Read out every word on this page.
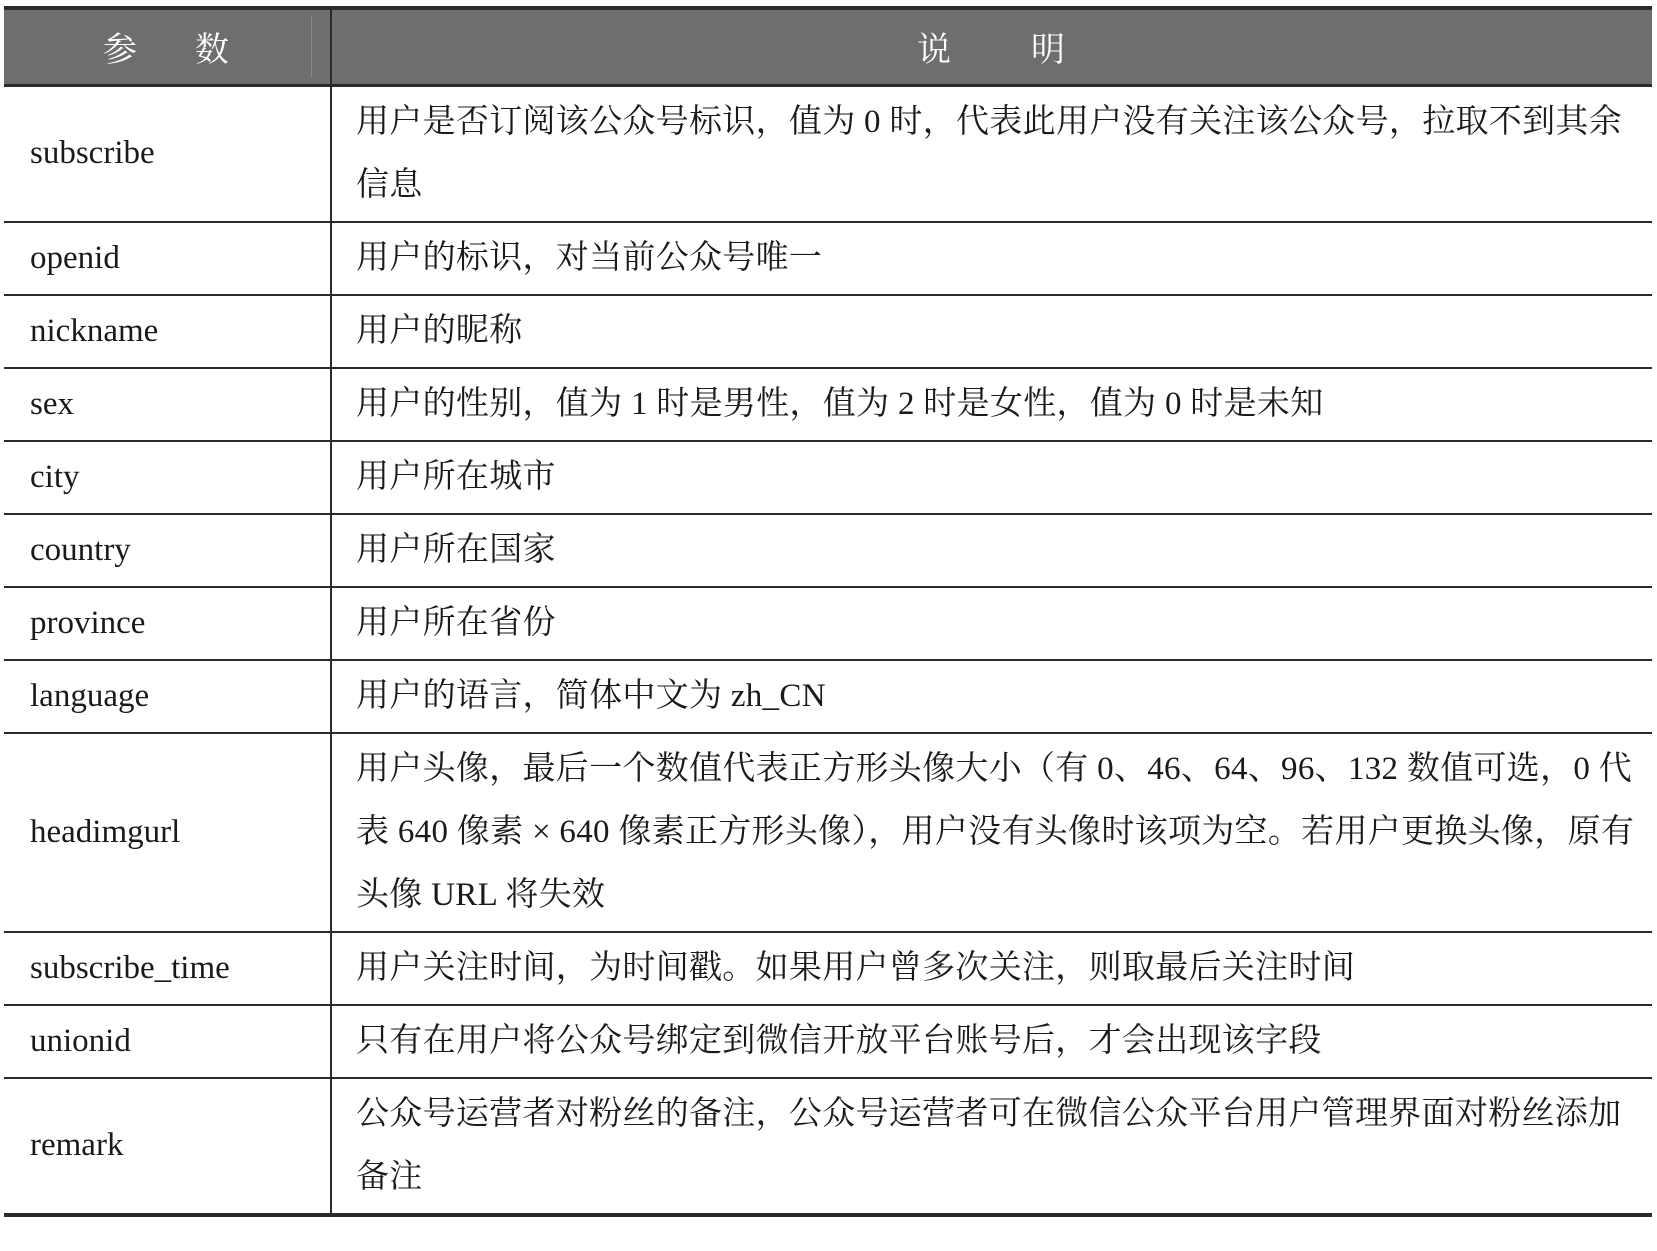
参 数	说 明
subscribe	用户是否订阅该公众号标识，值为 0 时，代表此用户没有关注该公众号，拉取不到其余信息
openid	用户的标识，对当前公众号唯一
nickname	用户的昵称
sex	用户的性别，值为 1 时是男性，值为 2 时是女性，值为 0 时是未知
city	用户所在城市
country	用户所在国家
province	用户所在省份
language	用户的语言，简体中文为 zh_CN
headimgurl	用户头像，最后一个数值代表正方形头像大小（有 0、46、64、96、132 数值可选，0 代表 640 像素 × 640 像素正方形头像），用户没有头像时该项为空。若用户更换头像，原有头像 URL 将失效
subscribe_time	用户关注时间，为时间戳。如果用户曾多次关注，则取最后关注时间
unionid	只有在用户将公众号绑定到微信开放平台账号后，才会出现该字段
remark	公众号运营者对粉丝的备注，公众号运营者可在微信公众平台用户管理界面对粉丝添加备注
